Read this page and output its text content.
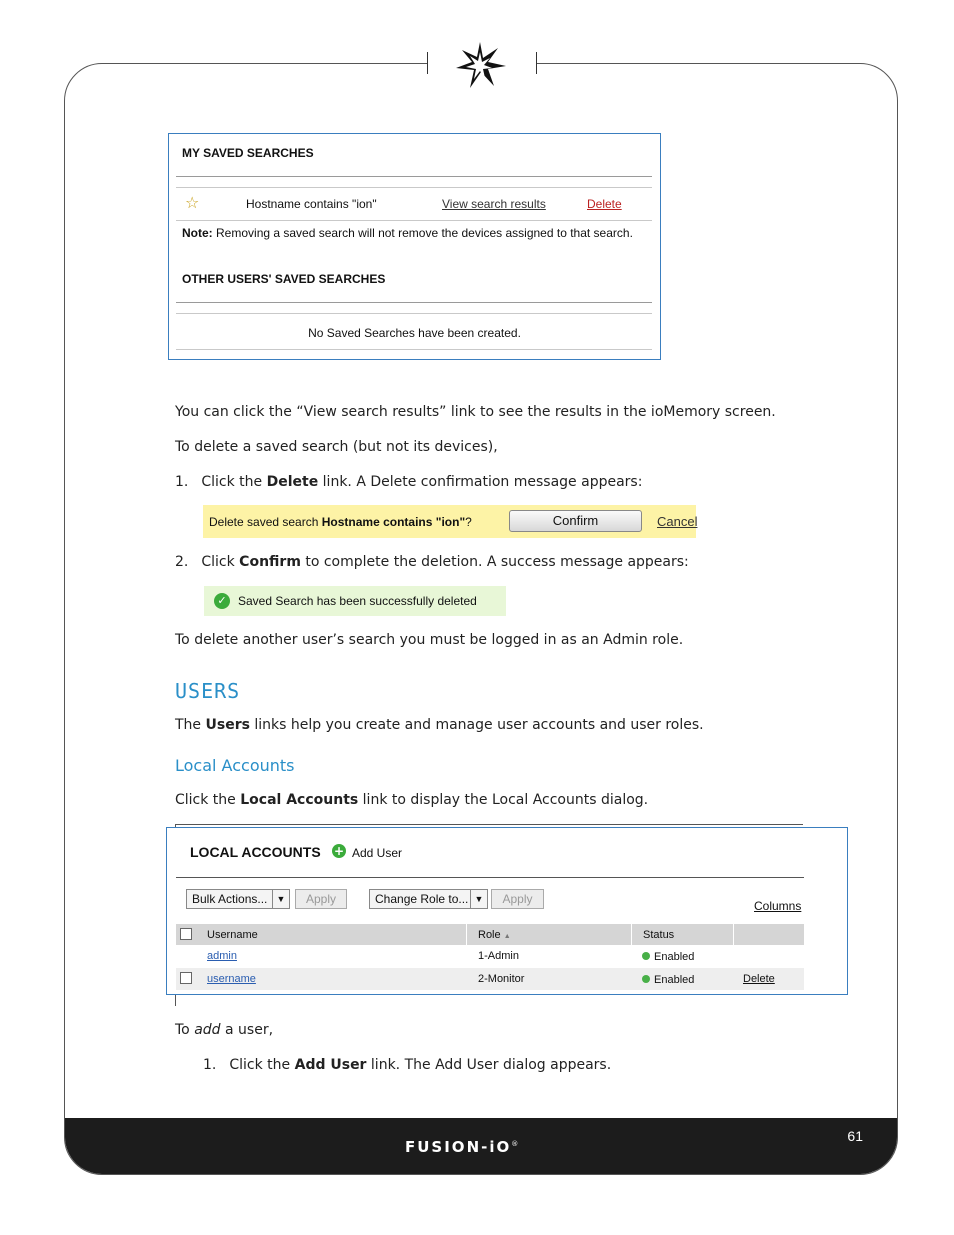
FUSION-iO®	61
MY SAVED SEARCHES
☆	Hostname contains "ion"	View search results	Delete
Note: Removing a saved search will not remove the devices assigned to that search.
OTHER USERS' SAVED SEARCHES
No Saved Searches have been created.
You can click the “View search results” link to see the results in the ioMemory screen.
To delete a saved search (but not its devices),
1. Click the Delete link. A Delete confirmation message appears:
Delete saved search Hostname contains "ion"?	Confirm	Cancel
2. Click Confirm to complete the deletion. A success message appears:
✓ Saved Search has been successfully deleted
To delete another user’s search you must be logged in as an Admin role.
USERS
The Users links help you create and manage user accounts and user roles.
Local Accounts
Click the Local Accounts link to display the Local Accounts dialog.
LOCAL ACCOUNTS + Add User
Bulk Actions...	▼	Apply	Change Role to... ▼	Apply	Columns
Username	Role ▲	Status
admin	1-Admin	Enabled
username	2-Monitor	Enabled	Delete
To add a user,
1. Click the Add User link. The Add User dialog appears.
